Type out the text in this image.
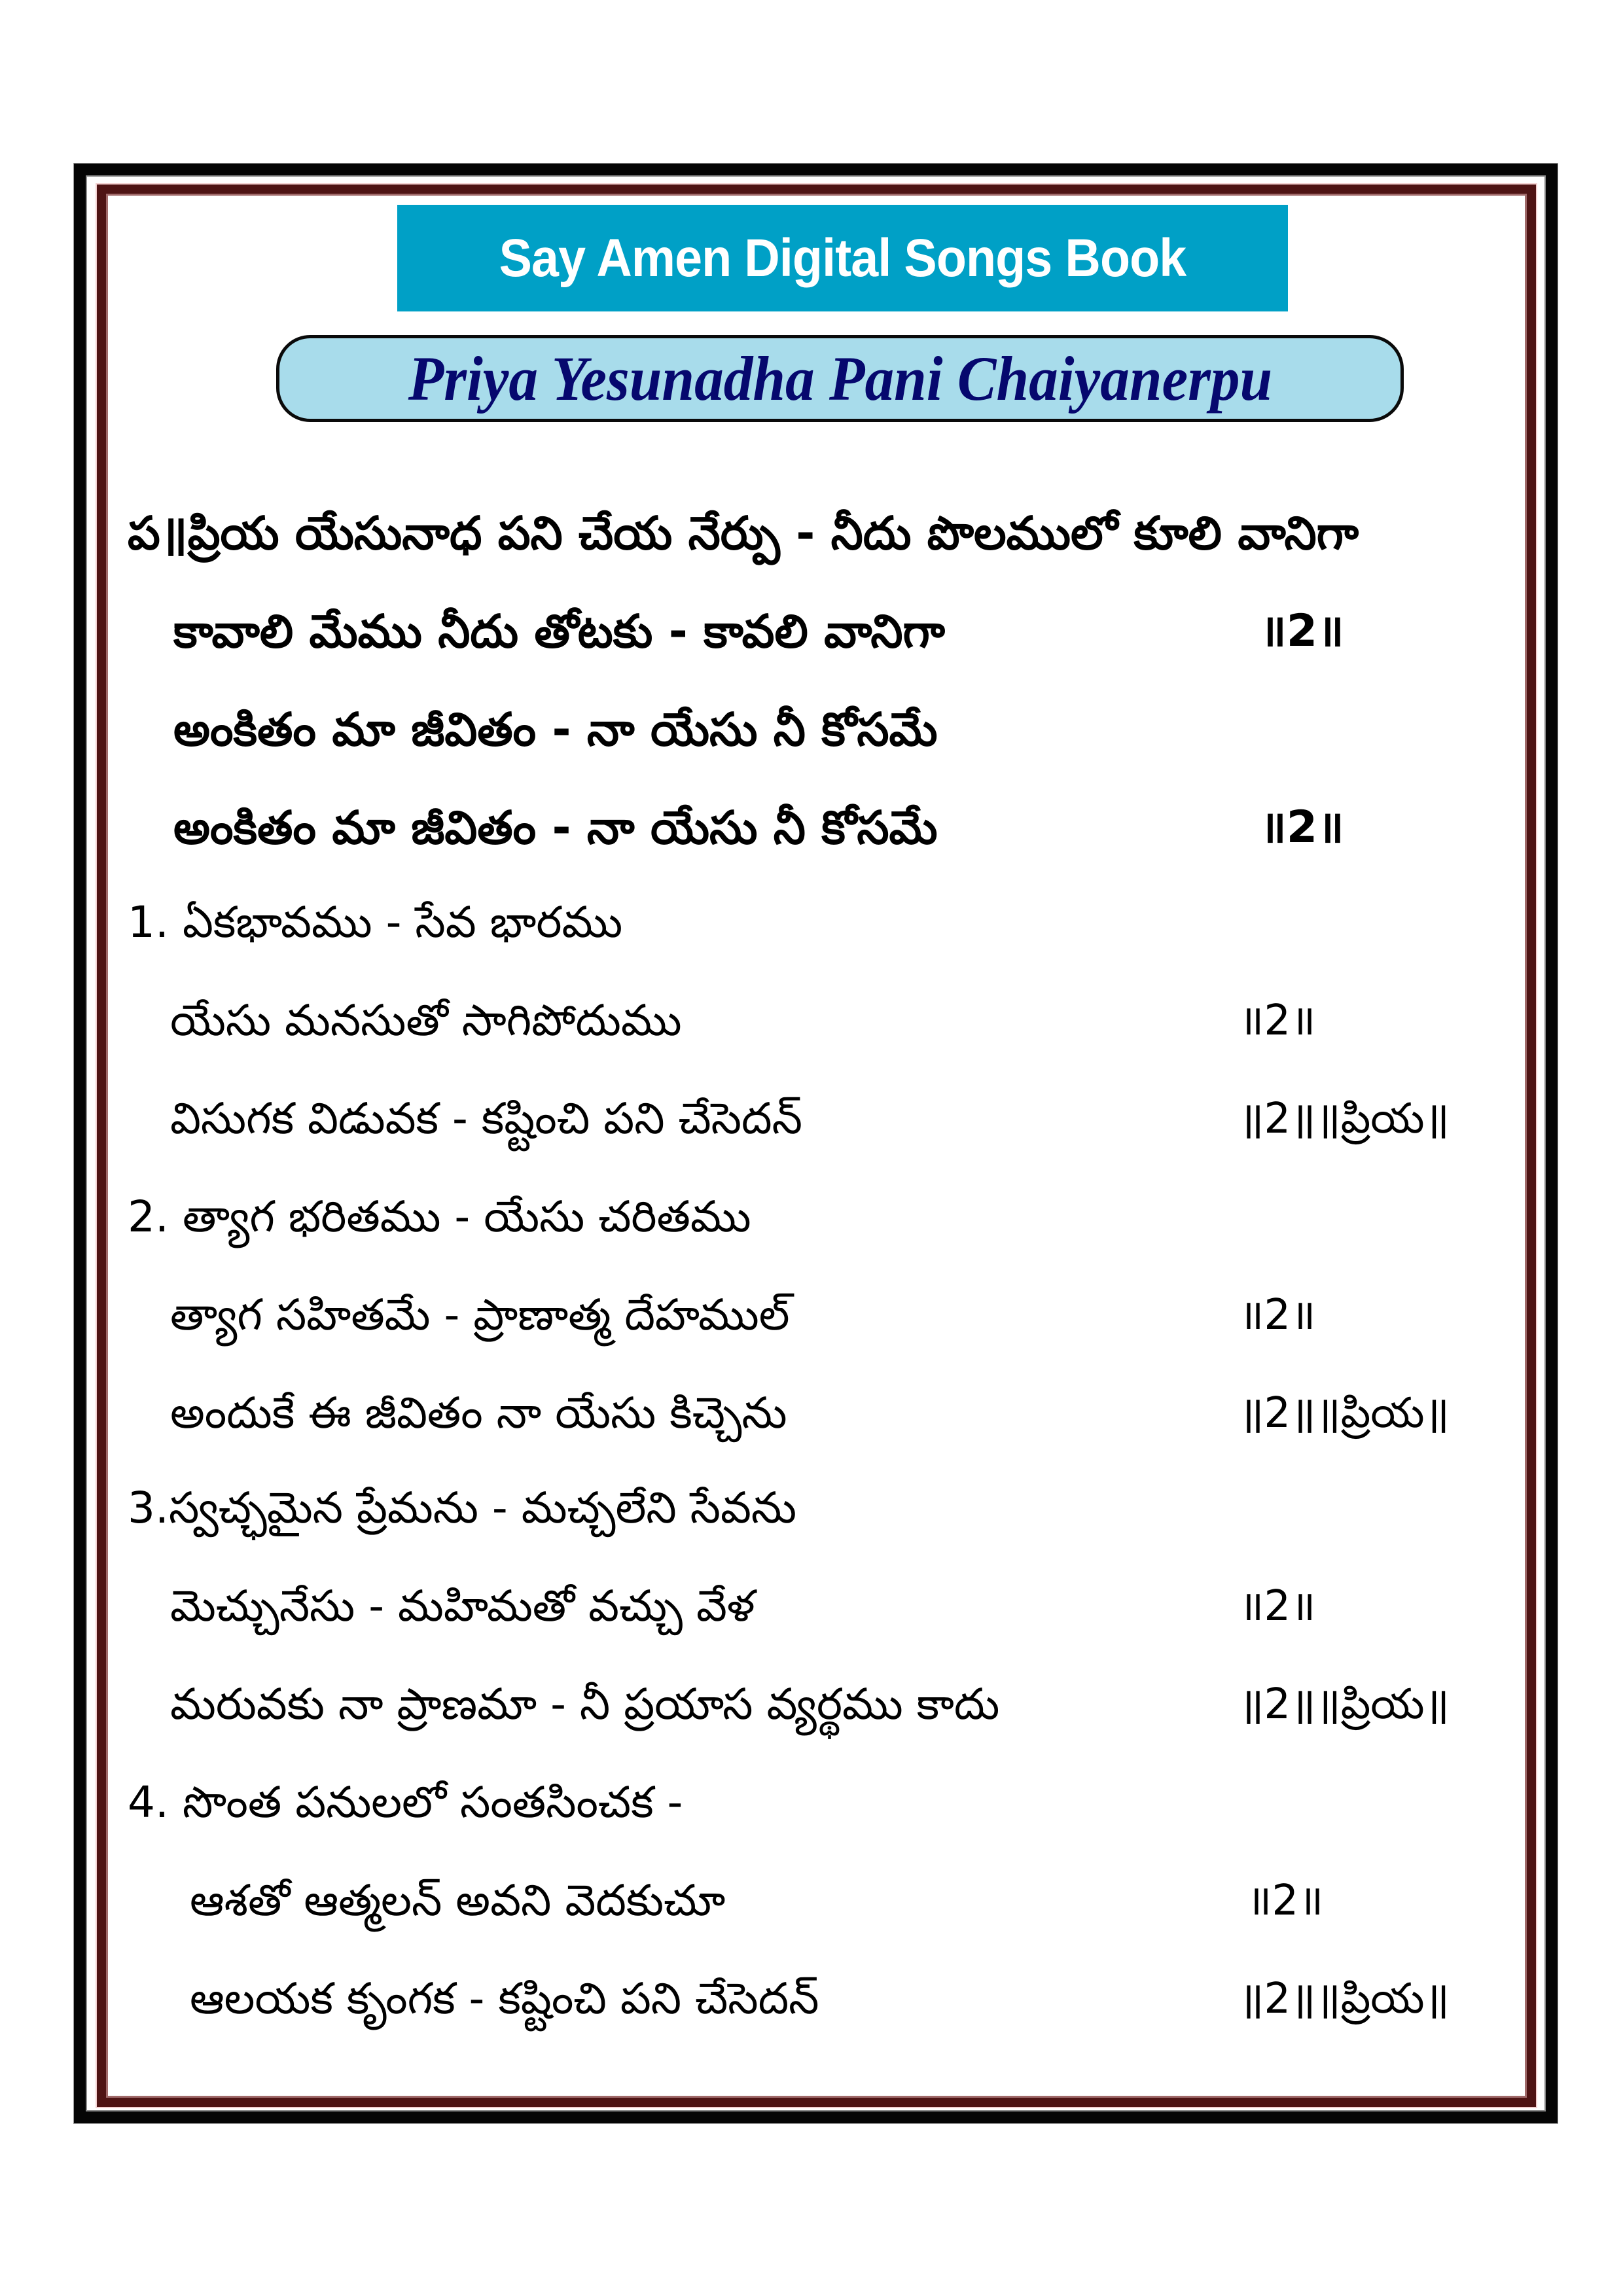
Say Amen Digital Songs Book
Priya Yesunadha Pani Chaiyanerpu
ప॥ప్రియ యేసునాధ పని చేయ నేర్పు - నీదు పొలములో కూలి వానిగా
కావాలి మేము నీదు తోటకు - కావలి వానిగా	॥2॥
అంకితం మా జీవితం - నా యేసు నీ కోసమే
అంకితం మా జీవితం - నా యేసు నీ కోసమే	॥2॥
1. ఏకభావము - సేవ భారము
యేసు మనసుతో సాగిపోదుము	॥2॥
విసుగక విడువక - కష్టించి పని చేసెదన్	॥2॥॥ప్రియ॥
2. త్యాగ భరితము - యేసు చరితము
త్యాగ సహితమే - ప్రాణాత్మ దేహముల్	॥2॥
అందుకే ఈ జీవితం నా యేసు కిచ్చెను	॥2॥॥ప్రియ॥
3.స్వచ్ఛమైన ప్రేమను - మచ్చలేని సేవను
మెచ్చునేసు - మహిమతో వచ్చు వేళ	॥2॥
మరువకు నా ప్రాణమా - నీ ప్రయాస వ్యర్థము కాదు	॥2॥॥ప్రియ॥
4. సొంత పనులలో సంతసించక -
ఆశతో ఆత్మలన్ అవని వెదకుచూ	॥2॥
ఆలయక కృంగక - కష్టించి పని చేసెదన్	॥2॥॥ప్రియ॥
